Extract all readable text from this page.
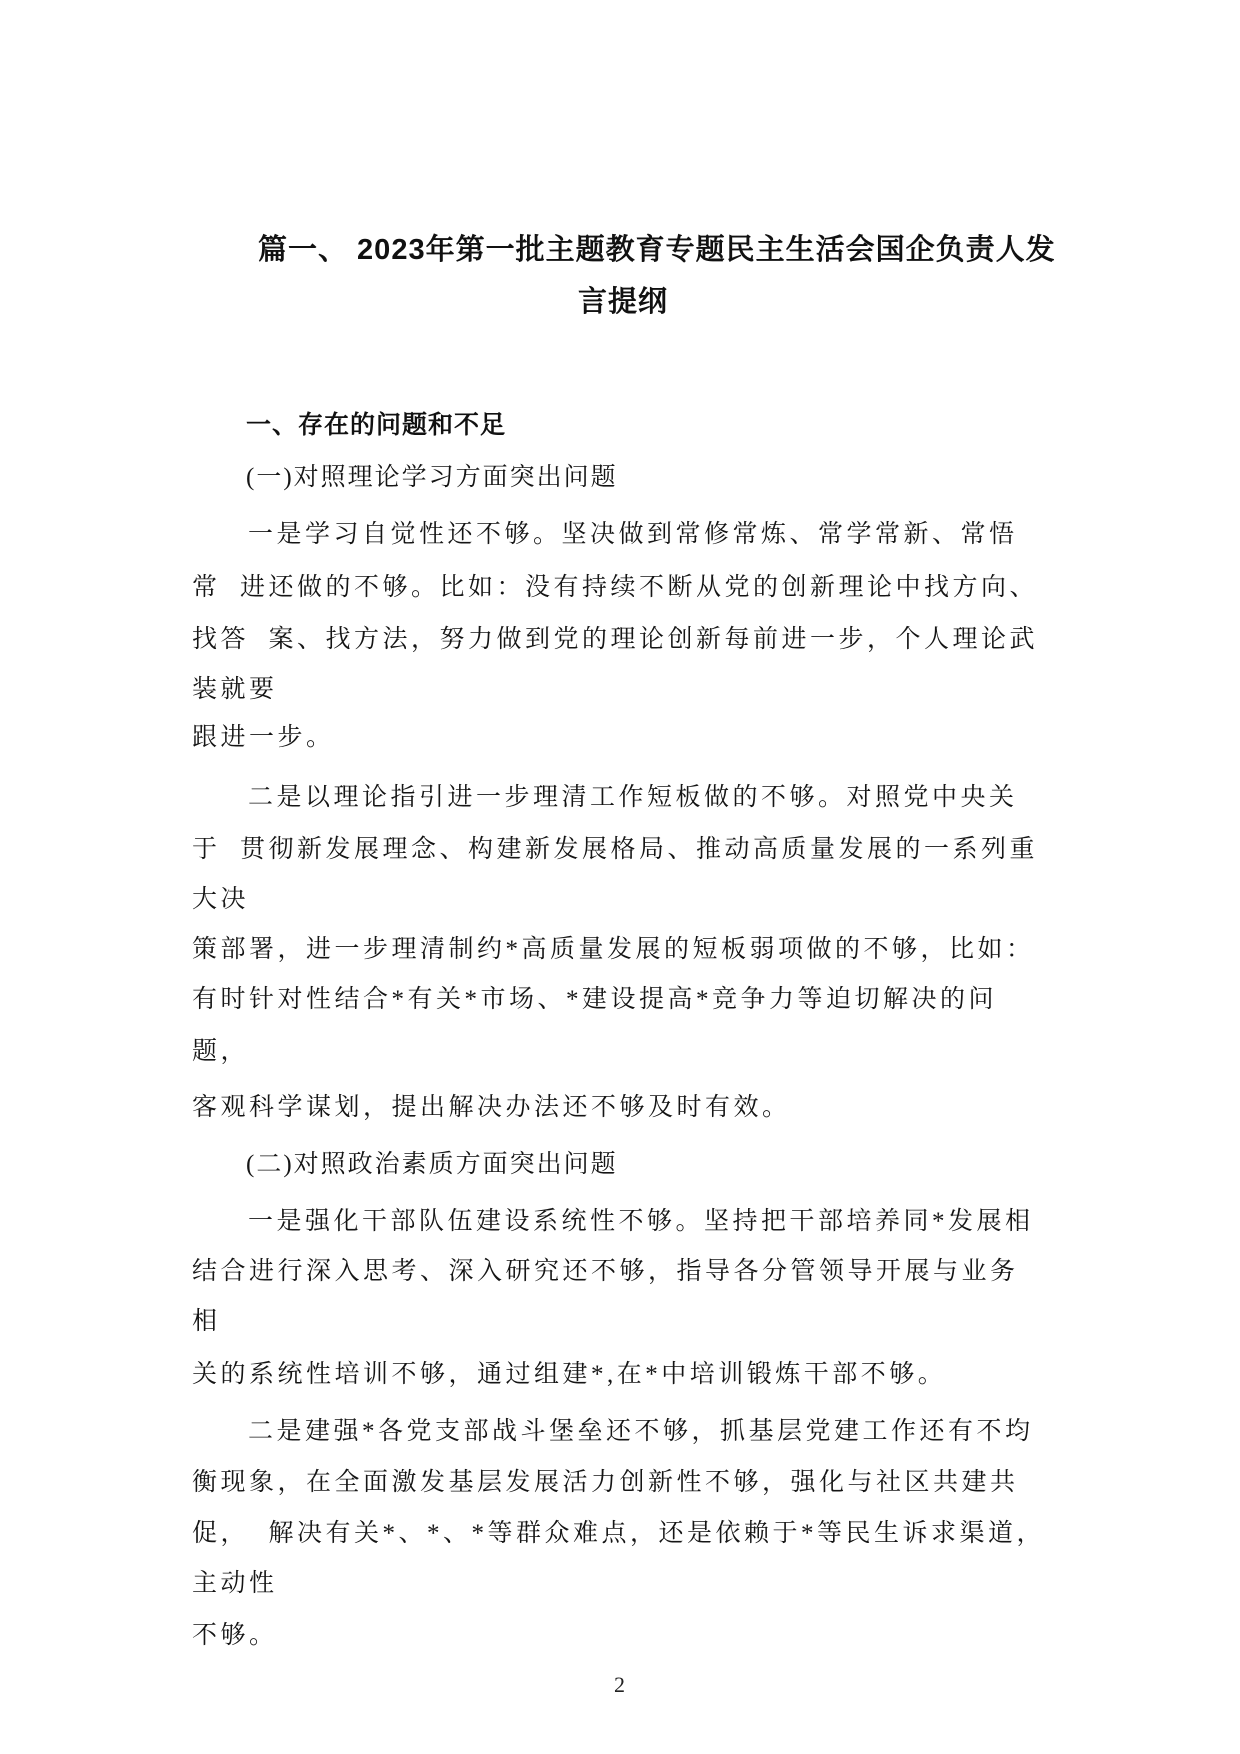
篇一、 2023年第一批主题教育专题民主生活会国企负责人发
言提纲
一、存在的问题和不足
(一)对照理论学习方面突出问题
一是学习自觉性还不够。坚决做到常修常炼、常学常新、常悟
常  进还做的不够。比如：没有持续不断从党的创新理论中找方向、
找答  案、找方法，努力做到党的理论创新每前进一步，个人理论武
装就要
跟进一步。
二是以理论指引进一步理清工作短板做的不够。对照党中央关
于  贯彻新发展理念、构建新发展格局、推动高质量发展的一系列重
大决
策部署，进一步理清制约*高质量发展的短板弱项做的不够，比如：
有时针对性结合*有关*市场、*建设提高*竞争力等迫切解决的问
题，
客观科学谋划，提出解决办法还不够及时有效。
(二)对照政治素质方面突出问题
一是强化干部队伍建设系统性不够。坚持把干部培养同*发展相
结合进行深入思考、深入研究还不够，指导各分管领导开展与业务
相
关的系统性培训不够，通过组建*,在*中培训锻炼干部不够。
二是建强*各党支部战斗堡垒还不够，抓基层党建工作还有不均
衡现象，在全面激发基层发展活力创新性不够，强化与社区共建共
促，  解决有关*、*、*等群众难点，还是依赖于*等民生诉求渠道，
主动性
不够。
2
